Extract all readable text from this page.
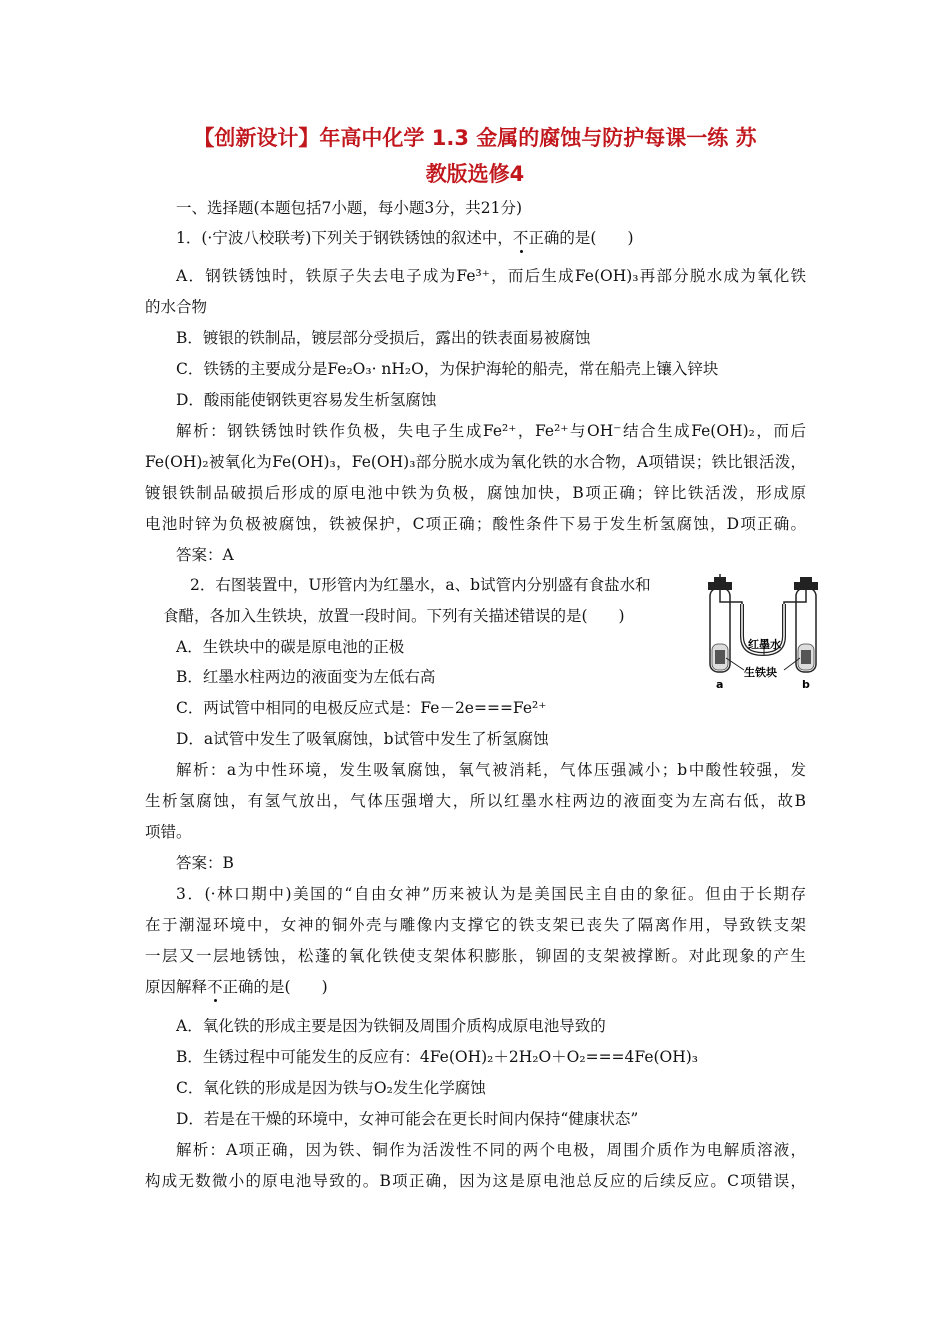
【创新设计】年高中化学 1.3 金属的腐蚀与防护每课一练 苏
教版选修4
一、选择题(本题包括7小题，每小题3分，共21分)
1．(·宁波八校联考)下列关于钢铁锈蚀的叙述中，不正确的是(　　)
A．钢铁锈蚀时，铁原子失去电子成为Fe³⁺，而后生成Fe(OH)₃再部分脱水成为氧化铁
的水合物
B．镀银的铁制品，镀层部分受损后，露出的铁表面易被腐蚀
C．铁锈的主要成分是Fe₂O₃· nH₂O，为保护海轮的船壳，常在船壳上镶入锌块
D．酸雨能使钢铁更容易发生析氢腐蚀
解析：钢铁锈蚀时铁作负极，失电子生成Fe²⁺，Fe²⁺与OH⁻结合生成Fe(OH)₂，而后
Fe(OH)₂被氧化为Fe(OH)₃，Fe(OH)₃部分脱水成为氧化铁的水合物，A项错误；铁比银活泼，
镀银铁制品破损后形成的原电池中铁为负极，腐蚀加快，B项正确；锌比铁活泼，形成原
电池时锌为负极被腐蚀，铁被保护，C项正确；酸性条件下易于发生析氢腐蚀，D项正确。
答案：A
2．右图装置中，U形管内为红墨水，a、b试管内分别盛有食盐水和
食醋，各加入生铁块，放置一段时间。下列有关描述错误的是(　　)
A．生铁块中的碳是原电池的正极
B．红墨水柱两边的液面变为左低右高
C．两试管中相同的电极反应式是：Fe－2e===Fe²⁺
D．a试管中发生了吸氧腐蚀，b试管中发生了析氢腐蚀
解析：a为中性环境，发生吸氧腐蚀，氧气被消耗，气体压强减小；b中酸性较强，发
生析氢腐蚀，有氢气放出，气体压强增大，所以红墨水柱两边的液面变为左高右低，故B
项错。
答案：B
红墨水
生铁块
a	b
3．(·林口期中)美国的“自由女神”历来被认为是美国民主自由的象征。但由于长期存
在于潮湿环境中，女神的铜外壳与雕像内支撑它的铁支架已丧失了隔离作用，导致铁支架
一层又一层地锈蚀，松蓬的氧化铁使支架体积膨胀，铆固的支架被撑断。对此现象的产生
原因解释不正确的是(　　)
A．氧化铁的形成主要是因为铁铜及周围介质构成原电池导致的
B．生锈过程中可能发生的反应有：4Fe(OH)₂＋2H₂O＋O₂===4Fe(OH)₃
C．氧化铁的形成是因为铁与O₂发生化学腐蚀
D．若是在干燥的环境中，女神可能会在更长时间内保持“健康状态”
解析：A项正确，因为铁、铜作为活泼性不同的两个电极，周围介质作为电解质溶液，
构成无数微小的原电池导致的。B项正确，因为这是原电池总反应的后续反应。C项错误，
